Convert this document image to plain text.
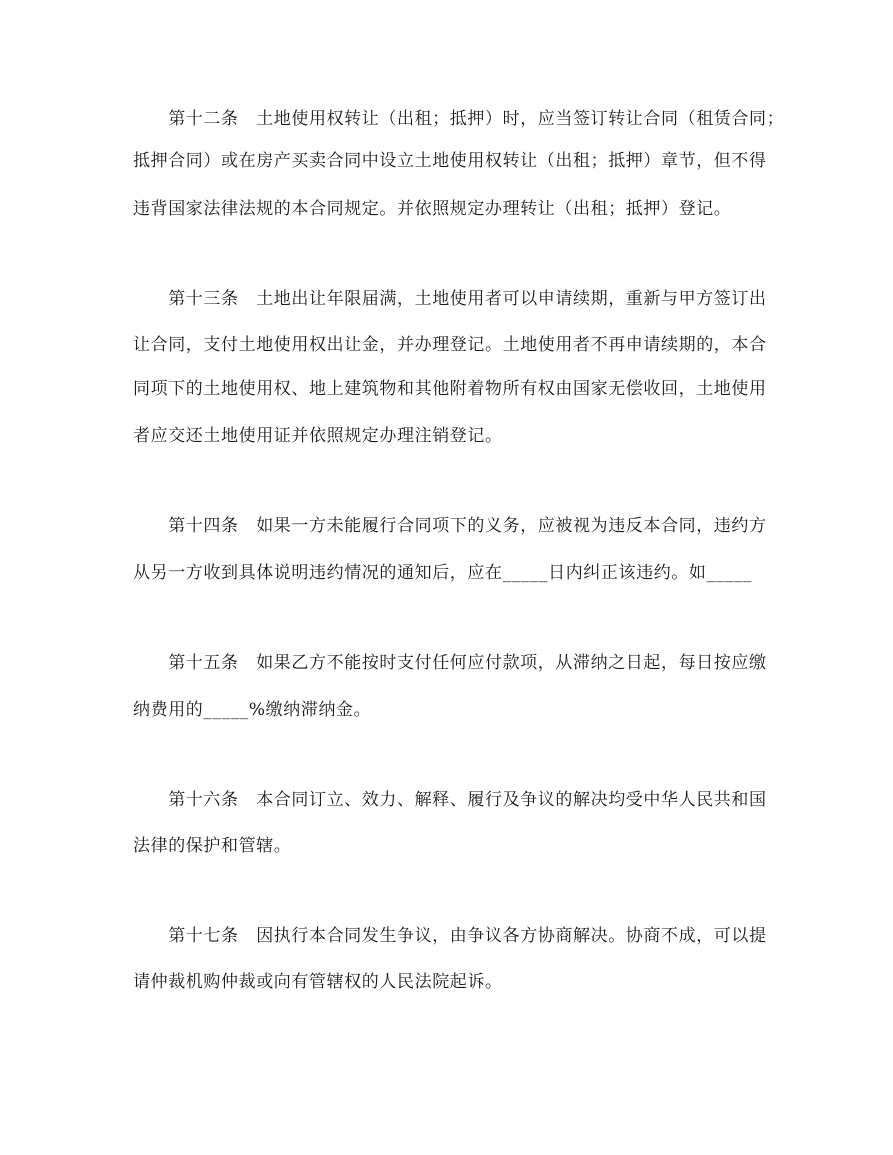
　　第十二条　土地使用权转让（出租；抵押）时，应当签订转让合同（租赁合同；
抵押合同）或在房产买卖合同中设立土地使用权转让（出租；抵押）章节，但不得
违背国家法律法规的本合同规定。并依照规定办理转让（出租；抵押）登记。
　　第十三条　土地出让年限届满，土地使用者可以申请续期，重新与甲方签订出
让合同，支付土地使用权出让金，并办理登记。土地使用者不再申请续期的，本合
同项下的土地使用权、地上建筑物和其他附着物所有权由国家无偿收回，土地使用
者应交还土地使用证并依照规定办理注销登记。
　　第十四条　如果一方未能履行合同项下的义务，应被视为违反本合同，违约方
从另一方收到具体说明违约情况的通知后，应在_____日内纠正该违约。如_____
　　第十五条　如果乙方不能按时支付任何应付款项，从滞纳之日起，每日按应缴
纳费用的_____%缴纳滞纳金。
　　第十六条　本合同订立、效力、解释、履行及争议的解决均受中华人民共和国
法律的保护和管辖。
　　第十七条　因执行本合同发生争议，由争议各方协商解决。协商不成，可以提
请仲裁机购仲裁或向有管辖权的人民法院起诉。
